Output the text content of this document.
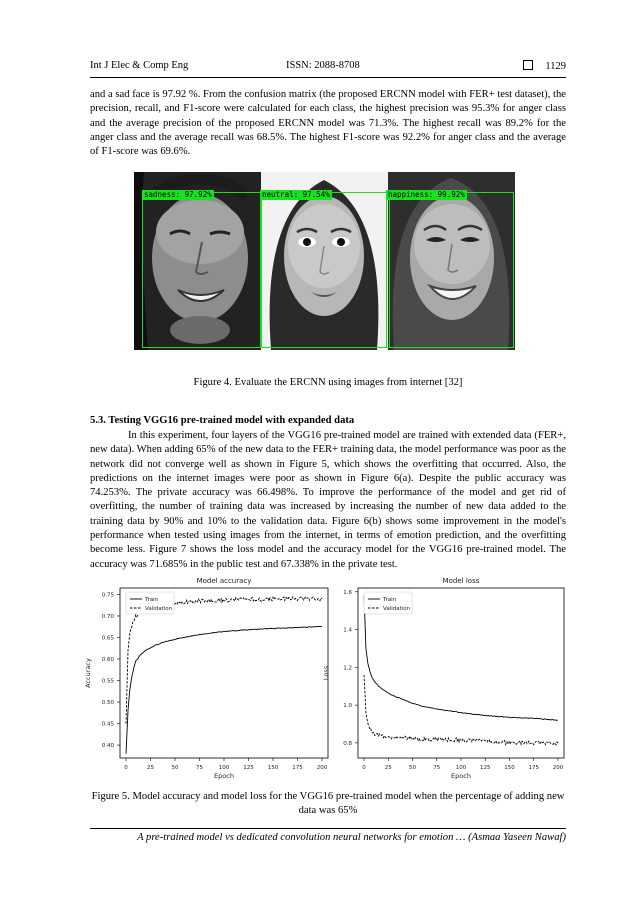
Int J Elec & Comp Eng	ISSN: 2088-8708	1129

and a sad face is 97.92 %. From the confusion matrix (the proposed ERCNN model with FER+ test dataset), the precision, recall, and F1-score were calculated for each class, the highest precision was 95.3% for anger class and the average precision of the proposed ERCNN model was 71.3%. The highest recall was 89.2% for the anger class and the average recall was 68.5%. The highest F1-score was 92.2% for anger class and the average of F1-score was 69.6%.

sadness: 97.92%	neutral: 97.54%	happiness: 99.92%
Figure 4. Evaluate the ERCNN using images from internet [32]
5.3. Testing VGG16 pre-trained model with expanded data

In this experiment, four layers of the VGG16 pre-trained model are trained with extended data (FER+, new data). When adding 65% of the new data to the FER+ training data, the model performance was poor as the network did not converge well as shown in Figure 5, which shows the overfitting that occurred. Also, the predictions on the internet images were poor as shown in Figure 6(a). Despite the public accuracy was 74.253%. The private accuracy was 66.498%. To improve the performance of the model and get rid of overfitting, the number of training data was increased by increasing the number of new data added to the training data by 90% and 10% to the validation data. Figure 6(b) shows some improvement in the model's performance when tested using images from the internet, in terms of emotion prediction, and the overfitting become less. Figure 7 shows the loss model and the accuracy model for the VGG16 pre-trained model. The accuracy was 71.685% in the public test and 67.338% in the private test.

Model accuracy
0	25	50	75	100	125	150	175	200
0.40
0.45
0.50
0.55
0.60
0.65
0.70
0.75
Epoch
Accuracy
Train
Validation
Model loss
0	25	50	75	100	125	150	175	200
0.8
1.0
1.2
1.4
1.6
Epoch
Loss
Train
Validation
Figure 5. Model accuracy and model loss for the VGG16 pre-trained model when the percentage of adding new data was 65%
A pre-trained model vs dedicated convolution neural networks for emotion … (Asmaa Yaseen Nawaf)
